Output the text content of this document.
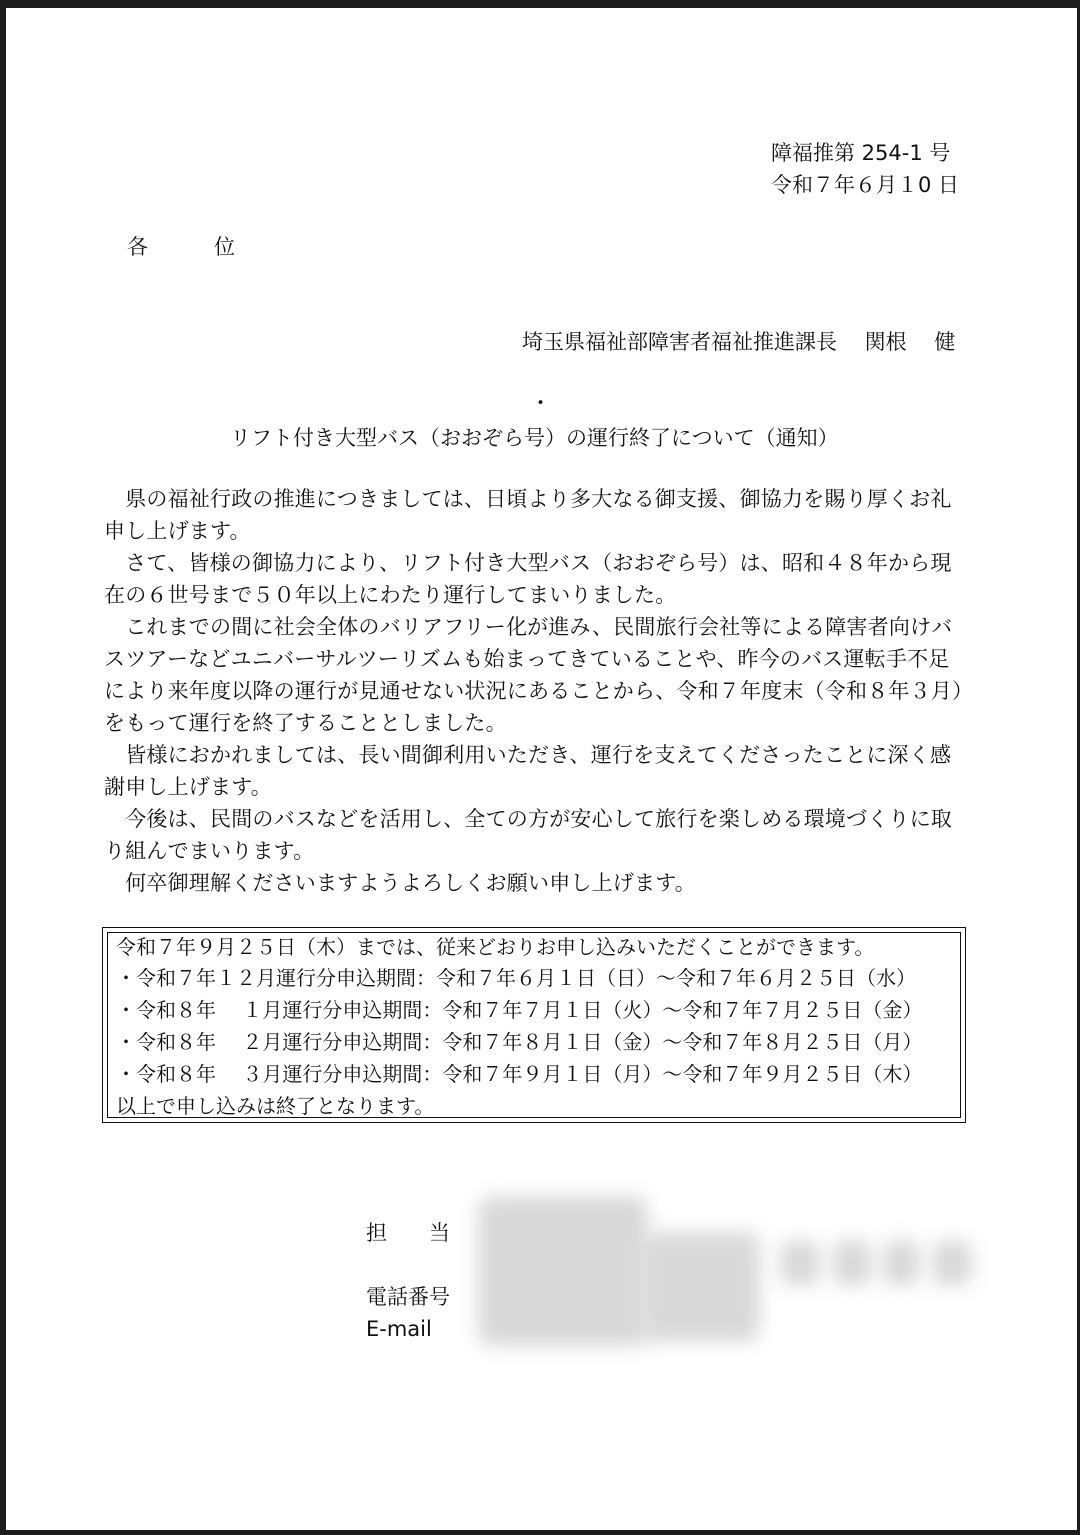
障福推第 254-1 号
令和７年６月１0 日
各　　位
埼玉県福祉部障害者福祉推進課長　 関根　 健
・
リフト付き大型バス（おおぞら号）の運行終了について（通知）
　県の福祉行政の推進につきましては、日頃より多大なる御支援、御協力を賜り厚くお礼
申し上げます。
　さて、皆様の御協力により、リフト付き大型バス（おおぞら号）は、昭和４８年から現
在の６世号まで５０年以上にわたり運行してまいりました。
　これまでの間に社会全体のバリアフリー化が進み、民間旅行会社等による障害者向けバ
スツアーなどユニバーサルツーリズムも始まってきていることや、昨今のバス運転手不足
により来年度以降の運行が見通せない状況にあることから、令和７年度末（令和８年３月）
をもって運行を終了することとしました。
　皆様におかれましては、長い間御利用いただき、運行を支えてくださったことに深く感
謝申し上げます。
　今後は、民間のバスなどを活用し、全ての方が安心して旅行を楽しめる環境づくりに取
り組んでまいります。
　何卒御理解くださいますようよろしくお願い申し上げます。
令和７年９月２５日（木）までは、従来どおりお申し込みいただくことができます。
・令和７年１２月運行分申込期間：令和７年６月１日（日）～令和７年６月２５日（水）
・令和８年　 １月運行分申込期間：令和７年７月１日（火）～令和７年７月２５日（金）
・令和８年　 ２月運行分申込期間：令和７年８月１日（金）～令和７年８月２５日（月）
・令和８年　 ３月運行分申込期間：令和７年９月１日（月）～令和７年９月２５日（木）
以上で申し込みは終了となります。
担　　当
電話番号
E-mail
